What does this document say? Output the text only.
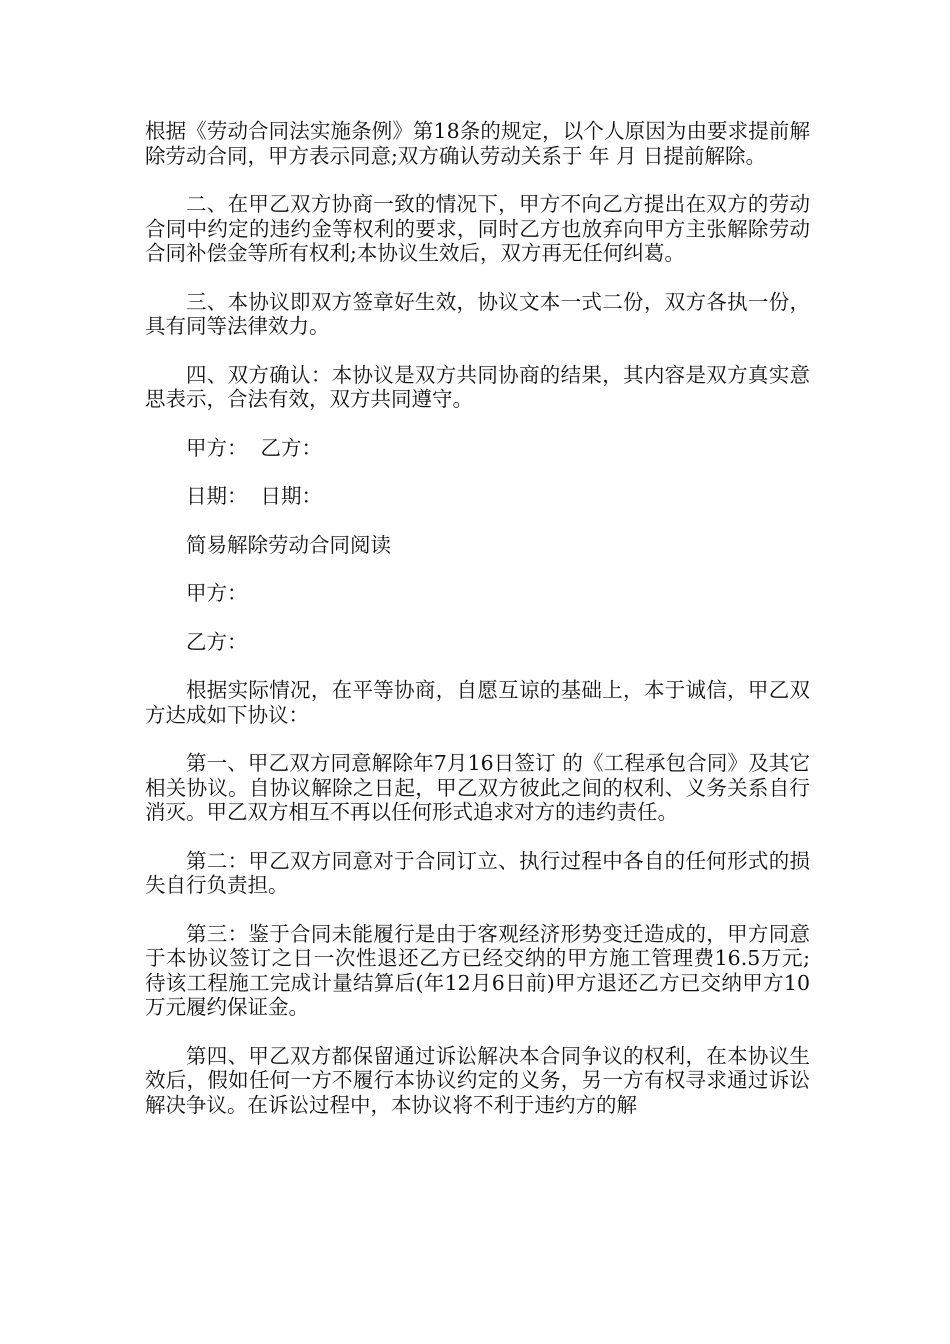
根据《劳动合同法实施条例》第18条的规定，以个人原因为由要求提前解除劳动合同，甲方表示同意;双方确认劳动关系于 年 月 日提前解除。

二、在甲乙双方协商一致的情况下，甲方不向乙方提出在双方的劳动合同中约定的违约金等权利的要求，同时乙方也放弃向甲方主张解除劳动合同补偿金等所有权利;本协议生效后，双方再无任何纠葛。

三、本协议即双方签章好生效，协议文本一式二份，双方各执一份，具有同等法律效力。

四、双方确认：本协议是双方共同协商的结果，其内容是双方真实意思表示，合法有效，双方共同遵守。

甲方：  乙方：

日期：  日期：

简易解除劳动合同阅读

甲方：

乙方：

根据实际情况，在平等协商，自愿互谅的基础上，本于诚信，甲乙双方达成如下协议：

第一、甲乙双方同意解除年7月16日签订 的《工程承包合同》及其它相关协议。自协议解除之日起，甲乙双方彼此之间的权利、义务关系自行消灭。甲乙双方相互不再以任何形式追求对方的违约责任。

第二：甲乙双方同意对于合同订立、执行过程中各自的任何形式的损失自行负责担。

第三：鉴于合同未能履行是由于客观经济形势变迁造成的，甲方同意于本协议签订之日一次性退还乙方已经交纳的甲方施工管理费16.5万元;待该工程施工完成计量结算后(年12月6日前)甲方退还乙方已交纳甲方10万元履约保证金。

第四、甲乙双方都保留通过诉讼解决本合同争议的权利，在本协议生效后，假如任何一方不履行本协议约定的义务，另一方有权寻求通过诉讼解决争议。在诉讼过程中，本协议将不利于违约方的解
